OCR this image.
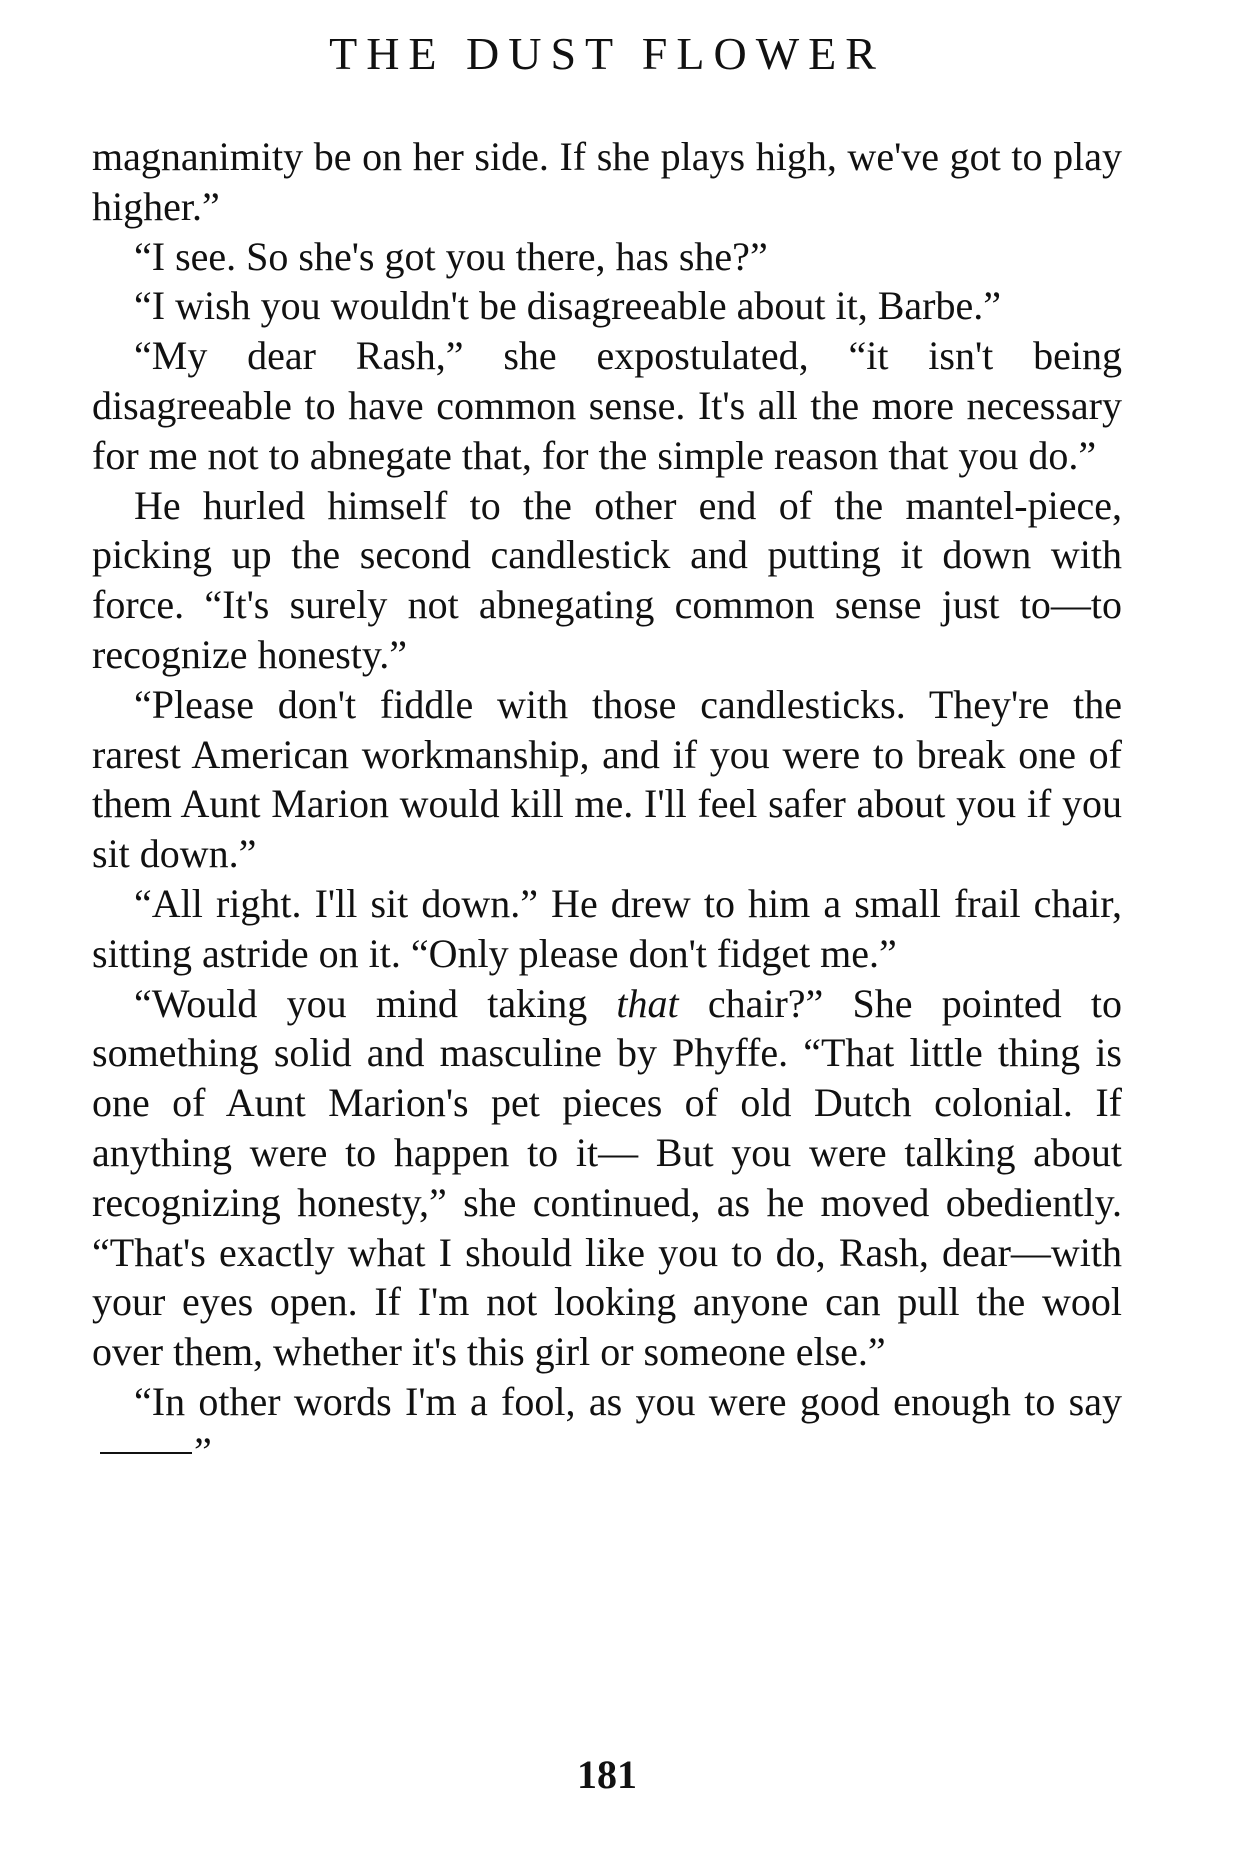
THE DUST FLOWER

magnanimity be on her side. If she plays high, we've got to play higher.”

“I see. So she's got you there, has she?”

“I wish you wouldn't be disagreeable about it, Barbe.”

“My dear Rash,” she expostulated, “it isn't being disagreeable to have common sense. It's all the more necessary for me not to abnegate that, for the simple reason that you do.”

He hurled himself to the other end of the mantel-piece, picking up the second candlestick and putting it down with force. “It's surely not abnegating common sense just to—to recognize honesty.”

“Please don't fiddle with those candlesticks. They're the rarest American workmanship, and if you were to break one of them Aunt Marion would kill me. I'll feel safer about you if you sit down.”

“All right. I'll sit down.” He drew to him a small frail chair, sitting astride on it. “Only please don't fidget me.”

“Would you mind taking that chair?” She pointed to something solid and masculine by Phyffe. “That little thing is one of Aunt Marion's pet pieces of old Dutch colonial. If anything were to happen to it— But you were talking about recognizing honesty,” she continued, as he moved obediently. “That's exactly what I should like you to do, Rash, dear—with your eyes open. If I'm not looking anyone can pull the wool over them, whether it's this girl or someone else.”

“In other words I'm a fool, as you were good enough to say”

181
